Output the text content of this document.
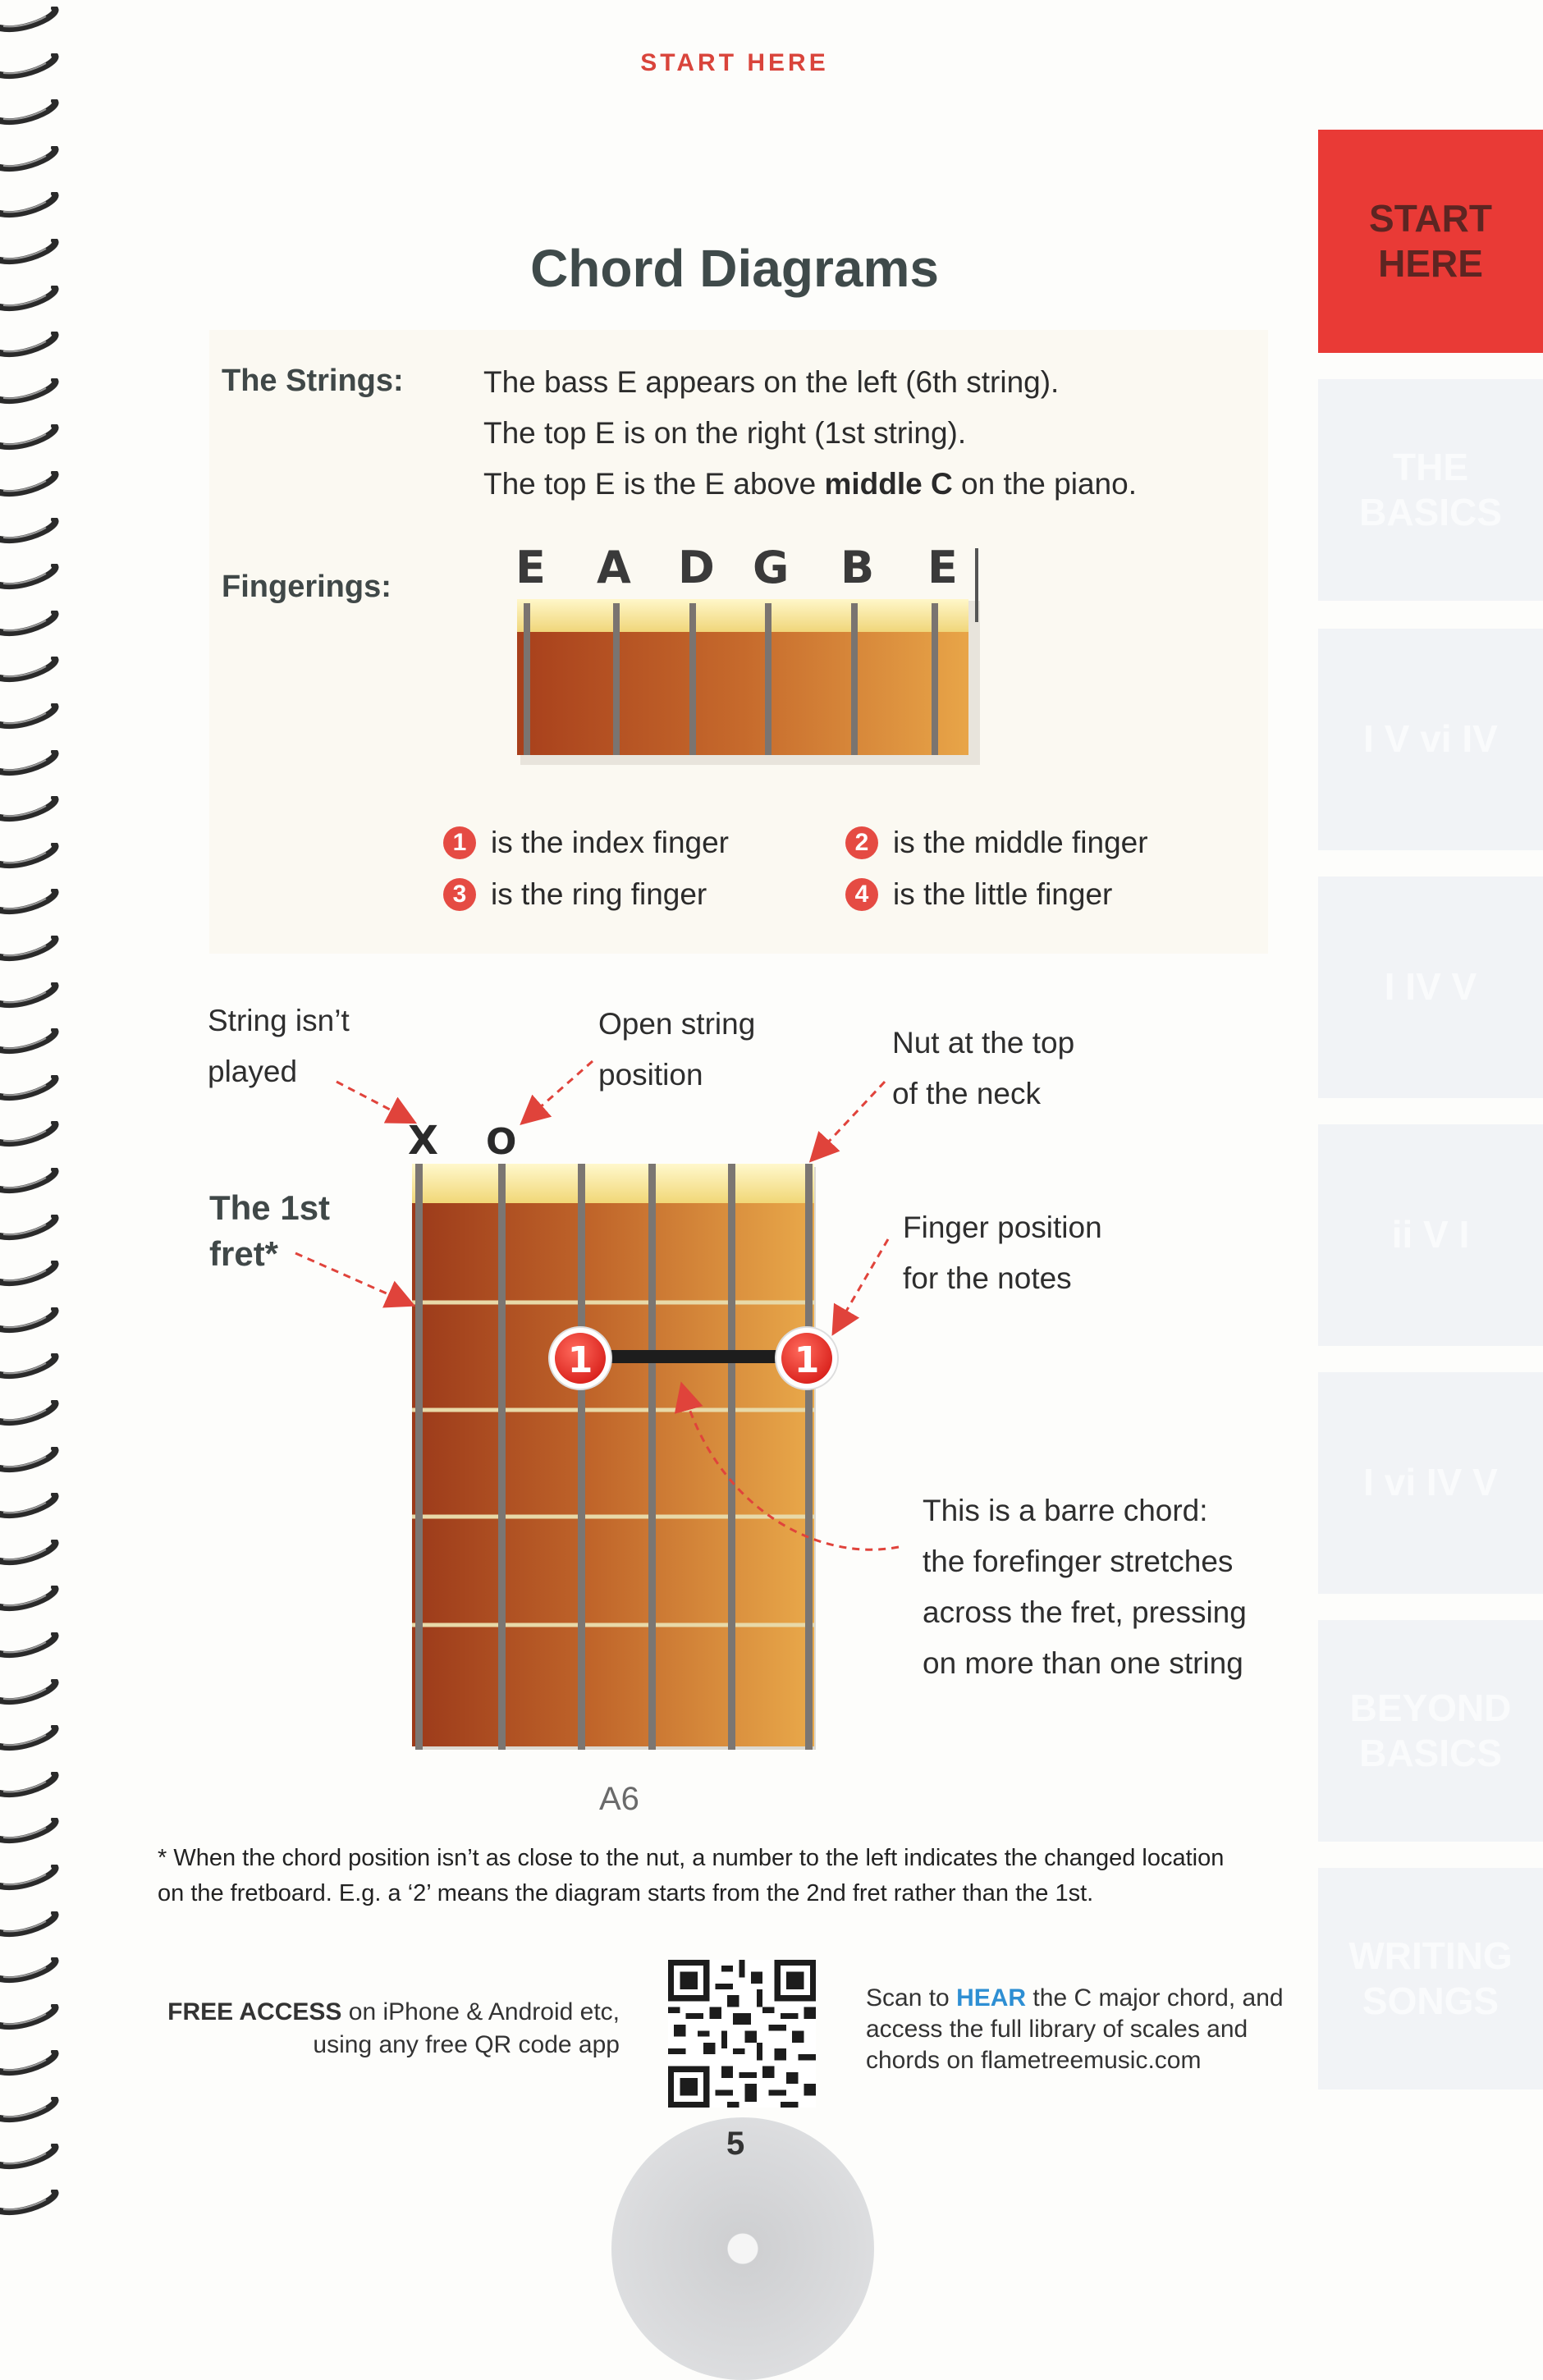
START HERE
START
HERE
THE
BASICS
I V vi IV
I IV V
ii V I
I vi IV V
BEYOND
BASICS
WRITING
SONGS
Chord Diagrams
The Strings:	The bass E appears on the left (6th string).
The top E is on the right (1st string).
The top E is the E above middle C on the piano.
Fingerings:	E A D G B E
1 is the index finger	2 is the middle finger
3 is the ring finger	4 is the little finger
String isn’t
played
Open string
position
Nut at the top
of the neck
The 1st
fret*
Finger position
for the notes
This is a barre chord:
the forefinger stretches
across the fret, pressing
on more than one string
X O
1	1
A6
* When the chord position isn’t as close to the nut, a number to the left indicates the changed location
on the fretboard. E.g. a ‘2’ means the diagram starts from the 2nd fret rather than the 1st.
FREE ACCESS on iPhone & Android etc,
using any free QR code app
Scan to HEAR the C major chord, and
access the full library of scales and
chords on flametreemusic.com
5
